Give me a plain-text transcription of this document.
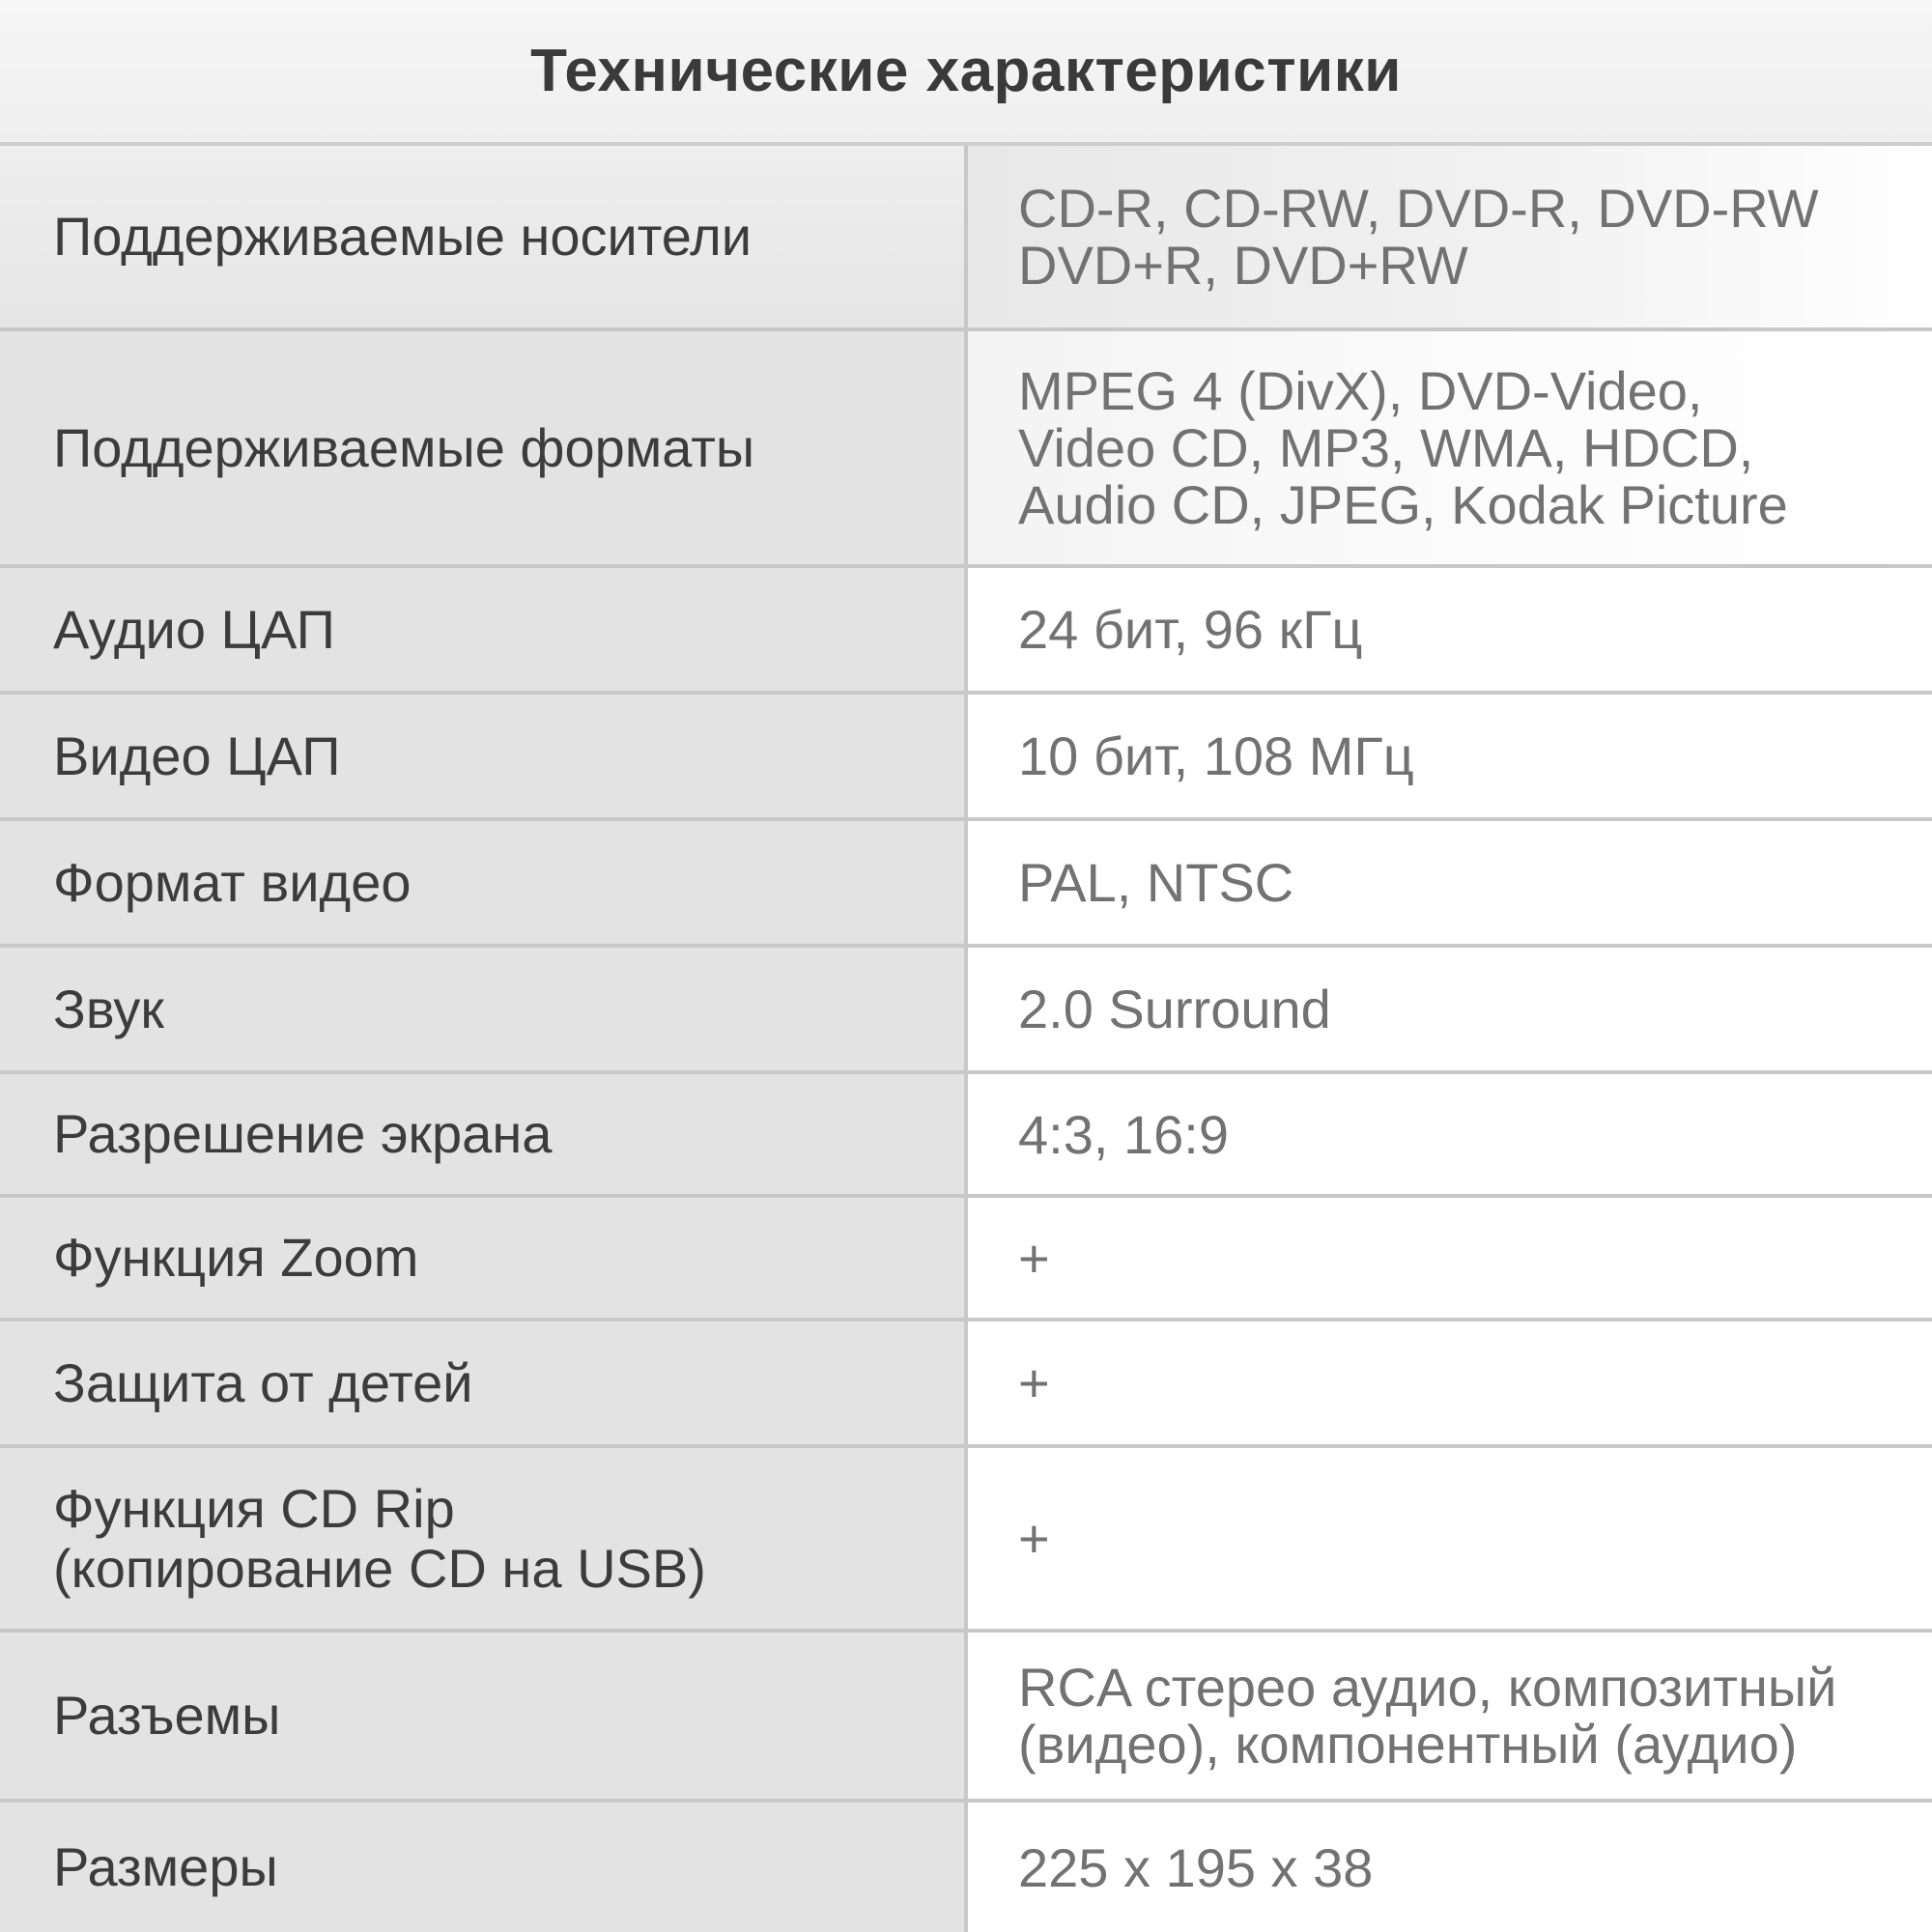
Технические характеристики
Поддерживаемые носители	CD-R, CD-RW, DVD-R, DVD-RW
DVD+R, DVD+RW

Поддерживаемые форматы	MPEG 4 (DivX), DVD-Video,
Video CD, MP3, WMA, HDCD,
Audio CD, JPEG, Kodak Picture

Аудио ЦАП	24 бит, 96 кГц

Видео ЦАП	10 бит, 108 МГц

Формат видео	PAL, NTSC

Звук	2.0 Surround

Разрешение экрана	4:3, 16:9

Функция Zoom	+

Защита от детей	+

Функция CD Rip
(копирование CD на USB)	+

Разъемы	RCA стерео аудио, композитный
(видео), компонентный (аудио)

Размеры	225 x 195 x 38
